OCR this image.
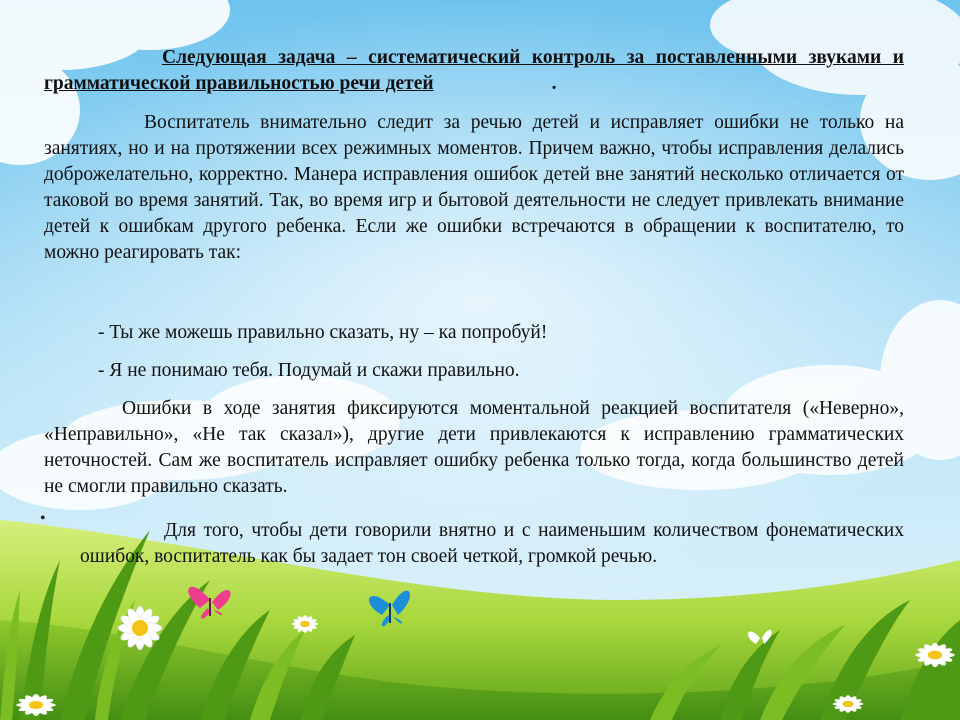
Следующая задача – систематический контроль за поставленными звуками и грамматической правильностью речи детей	.
Воспитатель внимательно следит за речью детей и исправляет ошибки не только на занятиях, но и на протяжении всех режимных моментов. Причем важно, чтобы исправления делались доброжелательно, корректно. Манера исправления ошибок детей вне занятий несколько отличается от таковой во время занятий. Так, во время игр и бытовой деятельности не следует привлекать внимание детей к ошибкам другого ребенка. Если же ошибки встречаются в обращении к воспитателю, то можно реагировать так:
- Ты же можешь правильно сказать, ну – ка попробуй!
- Я не понимаю тебя. Подумай и скажи правильно.
Ошибки в ходе занятия фиксируются моментальной реакцией воспитателя («Неверно», «Неправильно», «Не так сказал»), другие дети привлекаются к исправлению грамматических неточностей. Сам же воспитатель исправляет ошибку ребенка только тогда, когда большинство детей не смогли правильно сказать.
•
Для того, чтобы дети говорили внятно и с наименьшим количеством фонематических ошибок, воспитатель как бы задает тон своей четкой, громкой речью.
